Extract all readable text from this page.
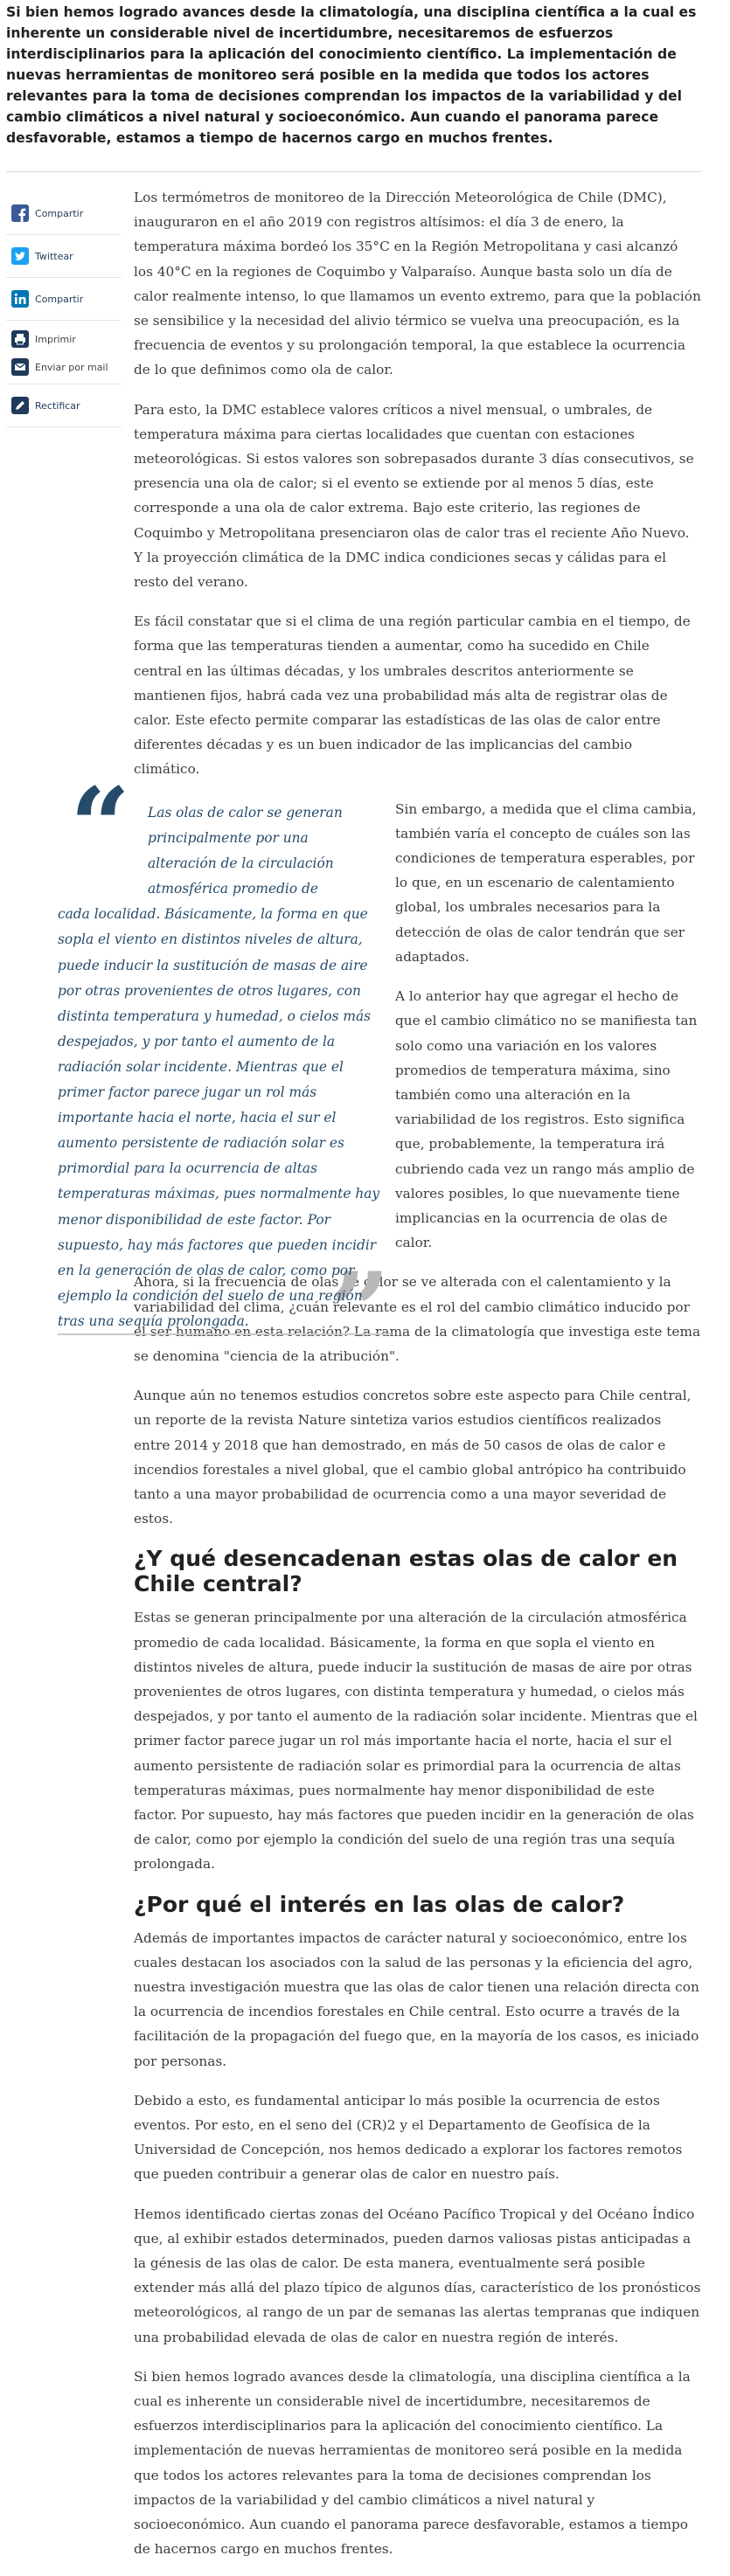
Si bien hemos logrado avances desde la climatología, una disciplina científica a la cual es inherente un considerable nivel de incertidumbre, necesitaremos de esfuerzos interdisciplinarios para la aplicación del conocimiento científico. La implementación de nuevas herramientas de monitoreo será posible en la medida que todos los actores relevantes para la toma de decisiones comprendan los impactos de la variabilidad y del cambio climáticos a nivel natural y socioeconómico. Aun cuando el panorama parece desfavorable, estamos a tiempo de hacernos cargo en muchos frentes.
Compartir
Twittear
Compartir
Imprimir
Enviar por mail
Rectificar

Los termómetros de monitoreo de la Dirección Meteorológica de Chile (DMC), inauguraron en el año 2019 con registros altísimos: el día 3 de enero, la temperatura máxima bordeó los 35°C en la Región Metropolitana y casi alcanzó los 40°C en la regiones de Coquimbo y Valparaíso. Aunque basta solo un día de calor realmente intenso, lo que llamamos un evento extremo, para que la población se sensibilice y la necesidad del alivio térmico se vuelva una preocupación, es la frecuencia de eventos y su prolongación temporal, la que establece la ocurrencia de lo que definimos como ola de calor.

Para esto, la DMC establece valores críticos a nivel mensual, o umbrales, de temperatura máxima para ciertas localidades que cuentan con estaciones meteorológicas. Si estos valores son sobrepasados durante 3 días consecutivos, se presencia una ola de calor; si el evento se extiende por al menos 5 días, este corresponde a una ola de calor extrema. Bajo este criterio, las regiones de Coquimbo y Metropolitana presenciaron olas de calor tras el reciente Año Nuevo. Y la proyección climática de la DMC indica condiciones secas y cálidas para el resto del verano.

Es fácil constatar que si el clima de una región particular cambia en el tiempo, de forma que las temperaturas tienden a aumentar, como ha sucedido en Chile central en las últimas décadas, y los umbrales descritos anteriormente se mantienen fijos, habrá cada vez una probabilidad más alta de registrar olas de calor. Este efecto permite comparar las estadísticas de las olas de calor entre diferentes décadas y es un buen indicador de las implicancias del cambio climático.

Sin embargo, a medida que el clima cambia, también varía el concepto de cuáles son las condiciones de temperatura esperables, por lo que, en un escenario de calentamiento global, los umbrales necesarios para la detección de olas de calor tendrán que ser adaptados.

A lo anterior hay que agregar el hecho de que el cambio climático no se manifiesta tan solo como una variación en los valores promedios de temperatura máxima, sino también como una alteración en la variabilidad de los registros. Esto significa que, probablemente, la temperatura irá cubriendo cada vez un rango más amplio de valores posibles, lo que nuevamente tiene implicancias en la ocurrencia de olas de calor.

Ahora, si la frecuencia de olas de calor se ve alterada con el calentamiento y la variabilidad del clima, ¿cuán relevante es el rol del cambio climático inducido por el ser humano en esta relación? La rama de la climatología que investiga este tema se denomina "ciencia de la atribución".

Aunque aún no tenemos estudios concretos sobre este aspecto para Chile central, un reporte de la revista Nature sintetiza varios estudios científicos realizados entre 2014 y 2018 que han demostrado, en más de 50 casos de olas de calor e incendios forestales a nivel global, que el cambio global antrópico ha contribuido tanto a una mayor probabilidad de ocurrencia como a una mayor severidad de estos.

¿Y qué desencadenan estas olas de calor en Chile central?

Estas se generan principalmente por una alteración de la circulación atmosférica promedio de cada localidad. Básicamente, la forma en que sopla el viento en distintos niveles de altura, puede inducir la sustitución de masas de aire por otras provenientes de otros lugares, con distinta temperatura y humedad, o cielos más despejados, y por tanto el aumento de la radiación solar incidente. Mientras que el primer factor parece jugar un rol más importante hacia el norte, hacia el sur el aumento persistente de radiación solar es primordial para la ocurrencia de altas temperaturas máximas, pues normalmente hay menor disponibilidad de este factor. Por supuesto, hay más factores que pueden incidir en la generación de olas de calor, como por ejemplo la condición del suelo de una región tras una sequía prolongada.

¿Por qué el interés en las olas de calor?

Además de importantes impactos de carácter natural y socioeconómico, entre los cuales destacan los asociados con la salud de las personas y la eficiencia del agro, nuestra investigación muestra que las olas de calor tienen una relación directa con la ocurrencia de incendios forestales en Chile central. Esto ocurre a través de la facilitación de la propagación del fuego que, en la mayoría de los casos, es iniciado por personas.

Debido a esto, es fundamental anticipar lo más posible la ocurrencia de estos eventos. Por esto, en el seno del (CR)2 y el Departamento de Geofísica de la Universidad de Concepción, nos hemos dedicado a explorar los factores remotos que pueden contribuir a generar olas de calor en nuestro país.

Hemos identificado ciertas zonas del Océano Pacífico Tropical y del Océano Índico que, al exhibir estados determinados, pueden darnos valiosas pistas anticipadas a la génesis de las olas de calor. De esta manera, eventualmente será posible extender más allá del plazo típico de algunos días, característico de los pronósticos meteorológicos, al rango de un par de semanas las alertas tempranas que indiquen una probabilidad elevada de olas de calor en nuestra región de interés.

Si bien hemos logrado avances desde la climatología, una disciplina científica a la cual es inherente un considerable nivel de incertidumbre, necesitaremos de esfuerzos interdisciplinarios para la aplicación del conocimiento científico. La implementación de nuevas herramientas de monitoreo será posible en la medida que todos los actores relevantes para la toma de decisiones comprendan los impactos de la variabilidad y del cambio climáticos a nivel natural y socioeconómico. Aun cuando el panorama parece desfavorable, estamos a tiempo de hacernos cargo en muchos frentes.

“
”
Las olas de calor se generan principalmente por una alteración de la circulación atmosférica promedio de
cada localidad. Básicamente, la forma en que sopla el viento en distintos niveles de altura, puede inducir la sustitución de masas de aire por otras provenientes de otros lugares, con distinta temperatura y humedad, o cielos más despejados, y por tanto el aumento de la radiación solar incidente. Mientras que el primer factor parece jugar un rol más importante hacia el norte, hacia el sur el aumento persistente de radiación solar es primordial para la ocurrencia de altas temperaturas máximas, pues normalmente hay menor disponibilidad de este factor. Por supuesto, hay más factores que pueden incidir en la generación de olas de calor, como por ejemplo la condición del suelo de una región tras una sequía prolongada.
